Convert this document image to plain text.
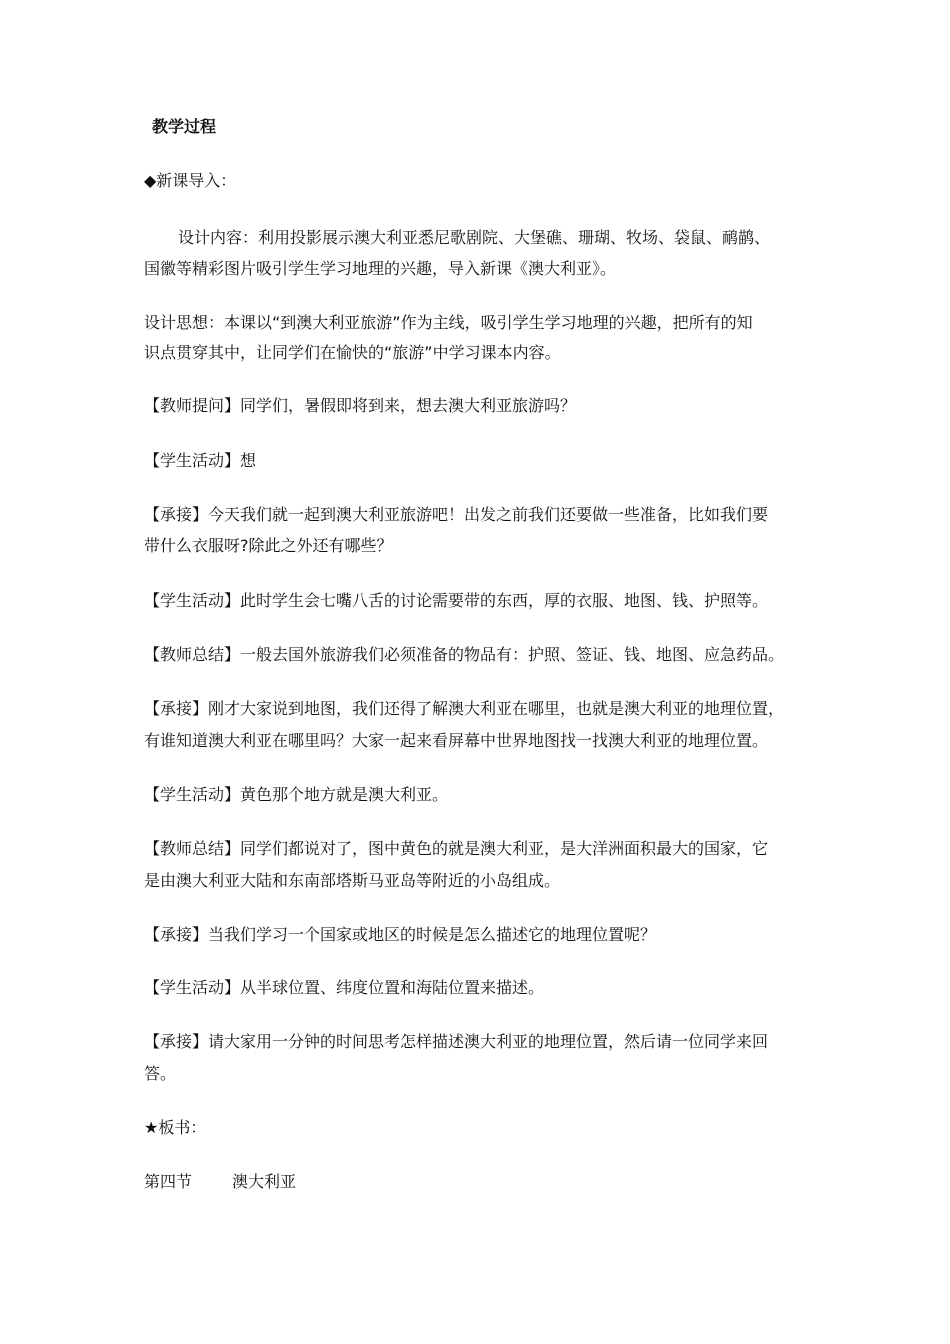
教学过程
◆新课导入：
设计内容：利用投影展示澳大利亚悉尼歌剧院、大堡礁、珊瑚、牧场、袋鼠、鸸鹋、
国徽等精彩图片吸引学生学习地理的兴趣，导入新课《澳大利亚》。
设计思想：本课以“到澳大利亚旅游”作为主线，吸引学生学习地理的兴趣，把所有的知
识点贯穿其中，让同学们在愉快的“旅游”中学习课本内容。
【教师提问】同学们，暑假即将到来，想去澳大利亚旅游吗？
【学生活动】想
【承接】今天我们就一起到澳大利亚旅游吧！出发之前我们还要做一些准备，比如我们要
带什么衣服呀?除此之外还有哪些？
【学生活动】此时学生会七嘴八舌的讨论需要带的东西，厚的衣服、地图、钱、护照等。
【教师总结】一般去国外旅游我们必须准备的物品有：护照、签证、钱、地图、应急药品。
【承接】刚才大家说到地图，我们还得了解澳大利亚在哪里，也就是澳大利亚的地理位置，
有谁知道澳大利亚在哪里吗？大家一起来看屏幕中世界地图找一找澳大利亚的地理位置。
【学生活动】黄色那个地方就是澳大利亚。
【教师总结】同学们都说对了，图中黄色的就是澳大利亚，是大洋洲面积最大的国家，它
是由澳大利亚大陆和东南部塔斯马亚岛等附近的小岛组成。
【承接】当我们学习一个国家或地区的时候是怎么描述它的地理位置呢？
【学生活动】从半球位置、纬度位置和海陆位置来描述。
【承接】请大家用一分钟的时间思考怎样描述澳大利亚的地理位置，然后请一位同学来回
答。
★板书：
第四节	澳大利亚
